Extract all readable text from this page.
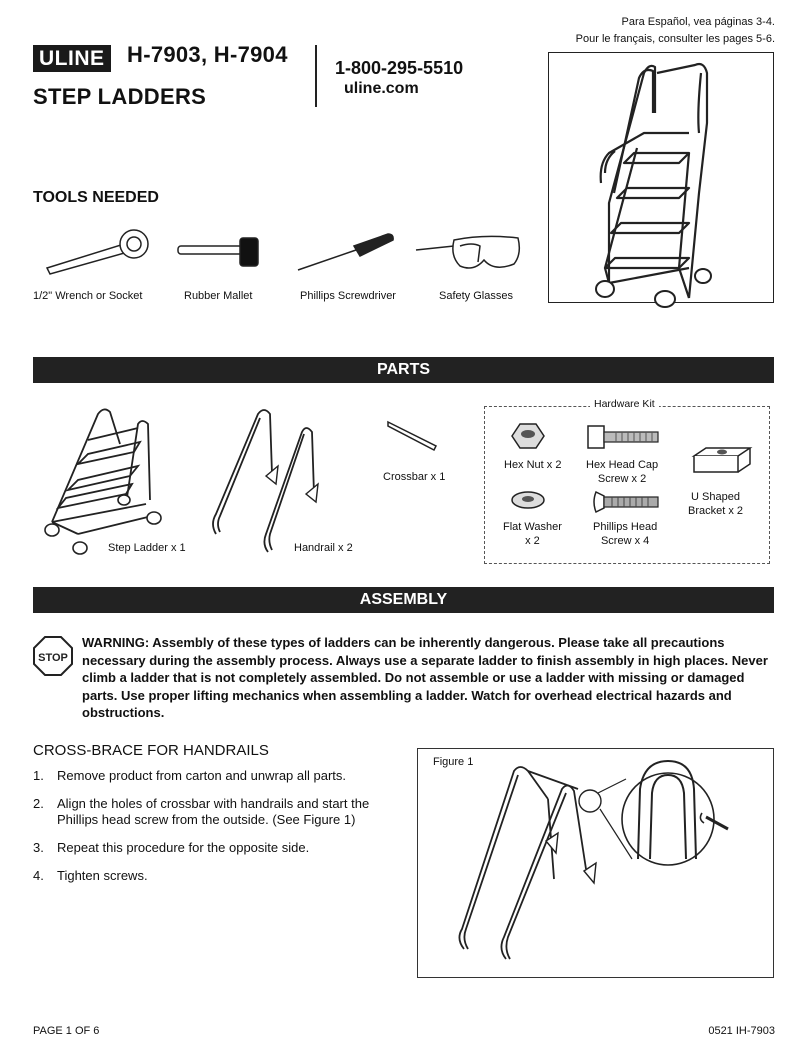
Para Español, vea páginas 3-4.
Pour le français, consulter les pages 5-6.
ULINE H-7903, H-7904
STEP LADDERS
1-800-295-5510
uline.com
TOOLS NEEDED
1/2" Wrench or Socket	Rubber Mallet	Phillips Screwdriver	Safety Glasses
PARTS
Step Ladder x 1	Handrail x 2
Crossbar x 1
Hardware Kit
Hex Nut x 2 Hex Head Cap
Screw x 2
U Shaped
Bracket x 2
Flat Washer
x 2
Phillips Head
Screw x 4
ASSEMBLY
STOP
WARNING: Assembly of these types of ladders can be inherently dangerous. Please take all precautions necessary during the assembly process. Always use a separate ladder to finish assembly in high places. Never climb a ladder that is not completely assembled. Do not assemble or use a ladder with missing or damaged parts. Use proper lifting mechanics when assembling a ladder. Watch for overhead electrical hazards and obstructions.
CROSS-BRACE FOR HANDRAILS
1.	Remove product from carton and unwrap all parts.
2.	Align the holes of crossbar with handrails and start the Phillips head screw from the outside. (See Figure 1)
3.	Repeat this procedure for the opposite side.
4.	Tighten screws.
Figure 1
PAGE 1 OF 6	0521 IH-7903
